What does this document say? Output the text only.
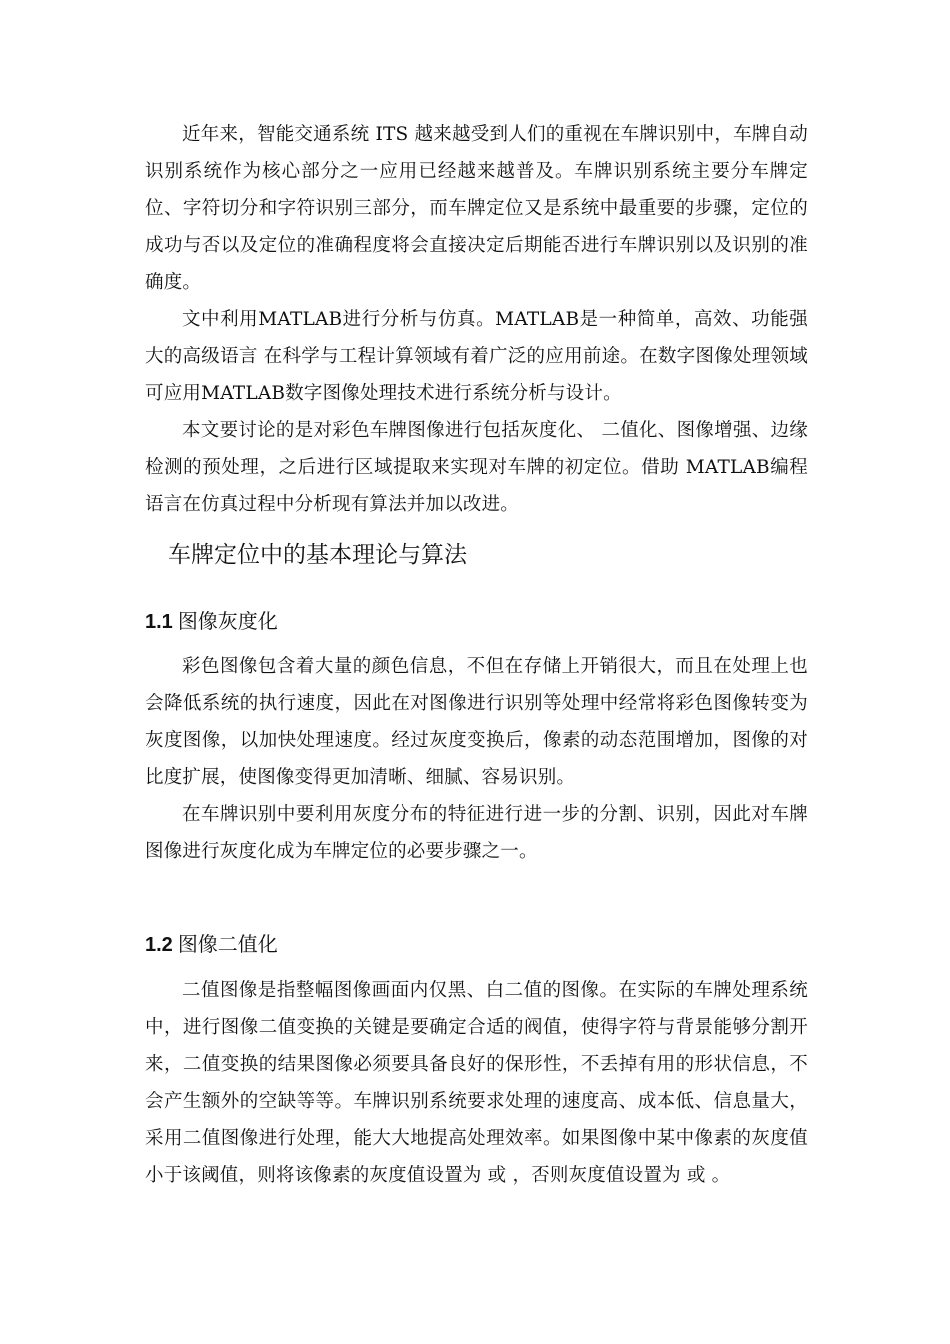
近年来，智能交通系统 ITS 越来越受到人们的重视在车牌识别中，车牌自动识别系统作为核心部分之一应用已经越来越普及。车牌识别系统主要分车牌定位、字符切分和字符识别三部分，而车牌定位又是系统中最重要的步骤，定位的成功与否以及定位的准确程度将会直接决定后期能否进行车牌识别以及识别的准确度。

文中利用MATLAB进行分析与仿真。MATLAB是一种简单，高效、功能强大的高级语言 在科学与工程计算领域有着广泛的应用前途。在数字图像处理领域 可应用MATLAB数字图像处理技术进行系统分析与设计。

本文要讨论的是对彩色车牌图像进行包括灰度化、 二值化、图像增强、边缘检测的预处理，之后进行区域提取来实现对车牌的初定位。借助 MATLAB编程语言在仿真过程中分析现有算法并加以改进。

车牌定位中的基本理论与算法
1.1 图像灰度化

彩色图像包含着大量的颜色信息，不但在存储上开销很大，而且在处理上也会降低系统的执行速度，因此在对图像进行识别等处理中经常将彩色图像转变为灰度图像，以加快处理速度。经过灰度变换后，像素的动态范围增加，图像的对比度扩展，使图像变得更加清晰、细腻、容易识别。

在车牌识别中要利用灰度分布的特征进行进一步的分割、识别，因此对车牌图像进行灰度化成为车牌定位的必要步骤之一。

1.2 图像二值化

二值图像是指整幅图像画面内仅黑、白二值的图像。在实际的车牌处理系统中，进行图像二值变换的关键是要确定合适的阀值，使得字符与背景能够分割开来，二值变换的结果图像必须要具备良好的保形性，不丢掉有用的形状信息，不会产生额外的空缺等等。车牌识别系统要求处理的速度高、成本低、信息量大，采用二值图像进行处理，能大大地提高处理效率。如果图像中某中像素的灰度值小于该阈值，则将该像素的灰度值设置为 或 ，否则灰度值设置为 或 。
